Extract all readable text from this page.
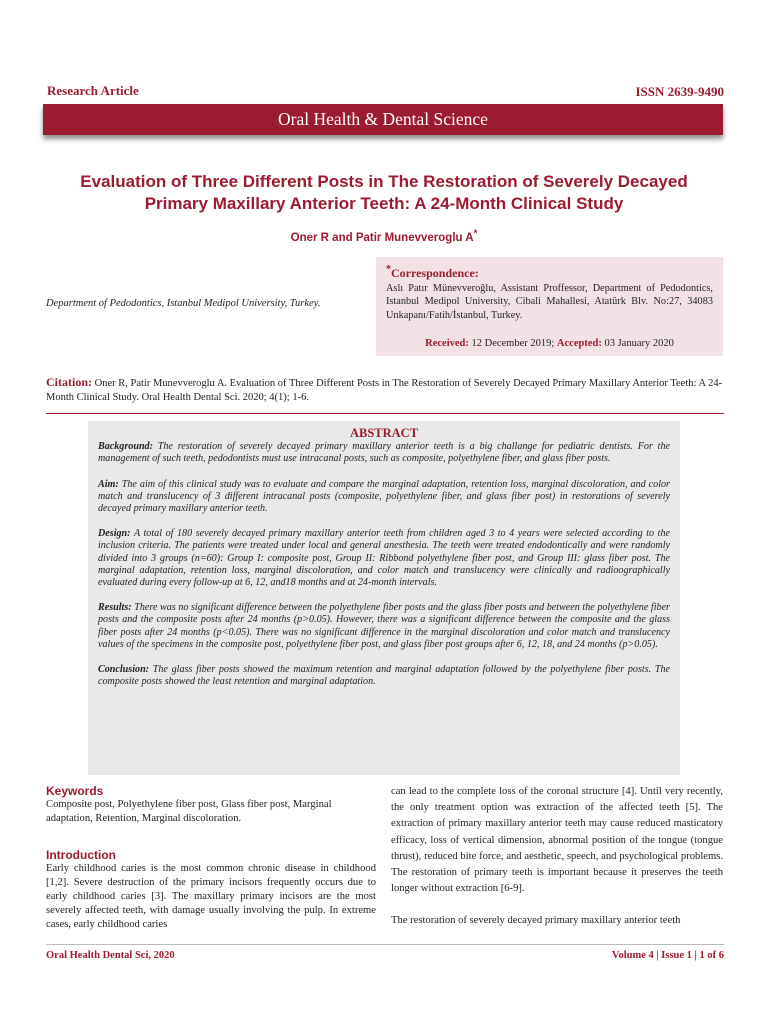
Research Article	ISSN 2639-9490
Oral Health & Dental Science
Evaluation of Three Different Posts in The Restoration of Severely Decayed
Primary Maxillary Anterior Teeth: A 24-Month Clinical Study
Oner R and Patir Munevveroglu A*
Department of Pedodontics, Istanbul Medipol University, Turkey.
*Correspondence:
Aslı Patır Münevveroğlu, Assistant Proffessor, Department of Pedodontics, Istanbul Medipol University, Cibali Mahallesi, Atatürk Blv. No:27, 34083 Unkapanı/Fatih/İstanbul, Turkey.
Received: 12 December 2019; Accepted: 03 January 2020
Citation: Oner R, Patir Munevveroglu A. Evaluation of Three Different Posts in The Restoration of Severely Decayed Primary Maxillary Anterior Teeth: A 24-Month Clinical Study. Oral Health Dental Sci. 2020; 4(1); 1-6.
ABSTRACT

Background: The restoration of severely decayed primary maxillary anterior teeth is a big challange for pediatric dentists. For the management of such teeth, pedodontists must use intracanal posts, such as composite, polyethylene fiber, and glass fiber posts.

Aim: The aim of this clinical study was to evaluate and compare the marginal adaptation, retention loss, marginal discoloration, and color match and translucency of 3 different intracanal posts (composite, polyethylene fiber, and glass fiber post) in restorations of severely decayed primary maxillary anterior teeth.

Design: A total of 180 severely decayed primary maxillary anterior teeth from children aged 3 to 4 years were selected according to the inclusion criteria. The patients were treated under local and general anesthesia. The teeth were treated endodontically and were randomly divided into 3 groups (n=60): Group I: composite post, Group II: Ribbond polyethylene fiber post, and Group III: glass fiber post. The marginal adaptation, retention loss, marginal discoloration, and color match and translucency were clinically and radioographically evaluated during every follow-up at 6, 12, and18 months and at 24-month intervals.

Results: There was no significant difference between the polyethylene fiber posts and the glass fiber posts and between the polyethylene fiber posts and the composite posts after 24 months (p>0.05). However, there was a significant difference between the composite and the glass fiber posts after 24 months (p<0.05). There was no significant difference in the marginal discoloration and color match and translucency values of the specimens in the composite post, polyethylene fiber post, and glass fiber post groups after 6, 12, 18, and 24 months (p>0.05).

Conclusion: The glass fiber posts showed the maximum retention and marginal adaptation followed by the polyethylene fiber posts. The composite posts showed the least retention and marginal adaptation.

Keywords

Composite post, Polyethylene fiber post, Glass fiber post, Marginal adaptation, Retention, Marginal discoloration.

Introduction

Early childhood caries is the most common chronic disease in childhood [1,2]. Severe destruction of the primary incisors frequently occurs due to early childhood caries [3]. The maxillary primary incisors are the most severely affected teeth, with damage usually involving the pulp. In extreme cases, early childhood caries

can lead to the complete loss of the coronal structure [4]. Until very recently, the only treatment option was extraction of the affected teeth [5]. The extraction of primary maxillary anterior teeth may cause reduced masticatory efficacy, loss of vertical dimension, abnormal position of the tongue (tongue thrust), reduced bite force, and aesthetic, speech, and psychological problems. The restoration of primary teeth is important because it preserves the teeth longer without extraction [6-9].

The restoration of severely decayed primary maxillary anterior teeth

Oral Health Dental Sci, 2020	Volume 4 | Issue 1 | 1 of 6
